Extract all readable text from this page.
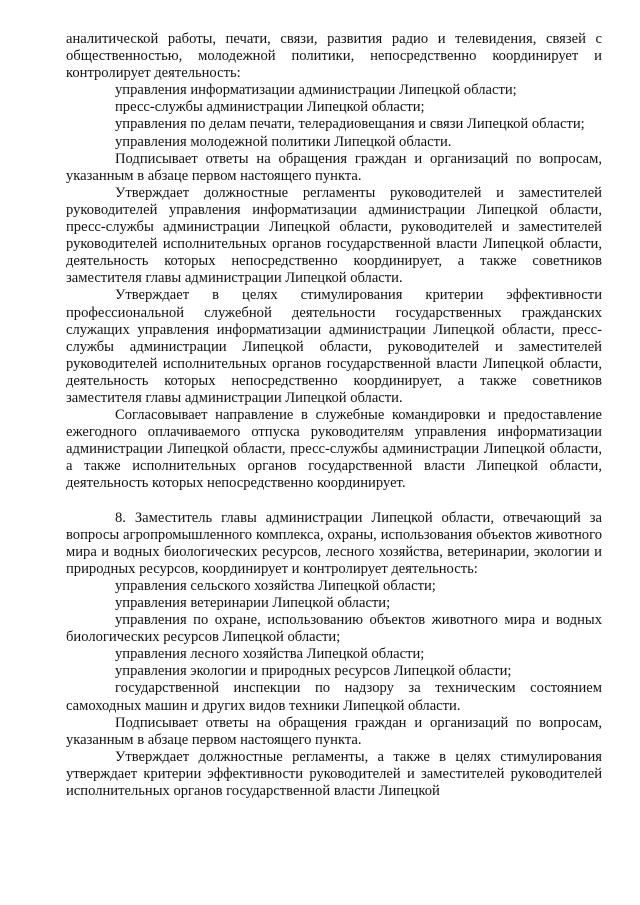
аналитической работы, печати, связи, развития радио и телевидения, связей с общественностью, молодежной политики, непосредственно координирует и контролирует деятельность:

управления информатизации администрации Липецкой области;

пресс-службы администрации Липецкой области;

управления по делам печати, телерадиовещания и связи Липецкой области;

управления молодежной политики Липецкой области.

Подписывает ответы на обращения граждан и организаций по вопросам, указанным в абзаце первом настоящего пункта.

Утверждает должностные регламенты руководителей и заместителей руководителей управления информатизации администрации Липецкой области, пресс-службы администрации Липецкой области, руководителей и заместителей руководителей исполнительных органов государственной власти Липецкой области, деятельность которых непосредственно координирует, а также советников заместителя главы администрации Липецкой области.

Утверждает в целях стимулирования критерии эффективности профессиональной служебной деятельности государственных гражданских служащих управления информатизации администрации Липецкой области, пресс-службы администрации Липецкой области, руководителей и заместителей руководителей исполнительных органов государственной власти Липецкой области, деятельность которых непосредственно координирует, а также советников заместителя главы администрации Липецкой области.

Согласовывает направление в служебные командировки и предоставление ежегодного оплачиваемого отпуска руководителям управления информатизации администрации Липецкой области, пресс-службы администрации Липецкой области, а также исполнительных органов государственной власти Липецкой области, деятельность которых непосредственно координирует.

8. Заместитель главы администрации Липецкой области, отвечающий за вопросы агропромышленного комплекса, охраны, использования объектов животного мира и водных биологических ресурсов, лесного хозяйства, ветеринарии, экологии и природных ресурсов, координирует и контролирует деятельность:

управления сельского хозяйства Липецкой области;

управления ветеринарии Липецкой области;

управления по охране, использованию объектов животного мира и водных биологических ресурсов Липецкой области;

управления лесного хозяйства Липецкой области;

управления экологии и природных ресурсов Липецкой области;

государственной инспекции по надзору за техническим состоянием самоходных машин и других видов техники Липецкой области.

Подписывает ответы на обращения граждан и организаций по вопросам, указанным в абзаце первом настоящего пункта.

Утверждает должностные регламенты, а также в целях стимулирования утверждает критерии эффективности руководителей и заместителей руководителей исполнительных органов государственной власти Липецкой
